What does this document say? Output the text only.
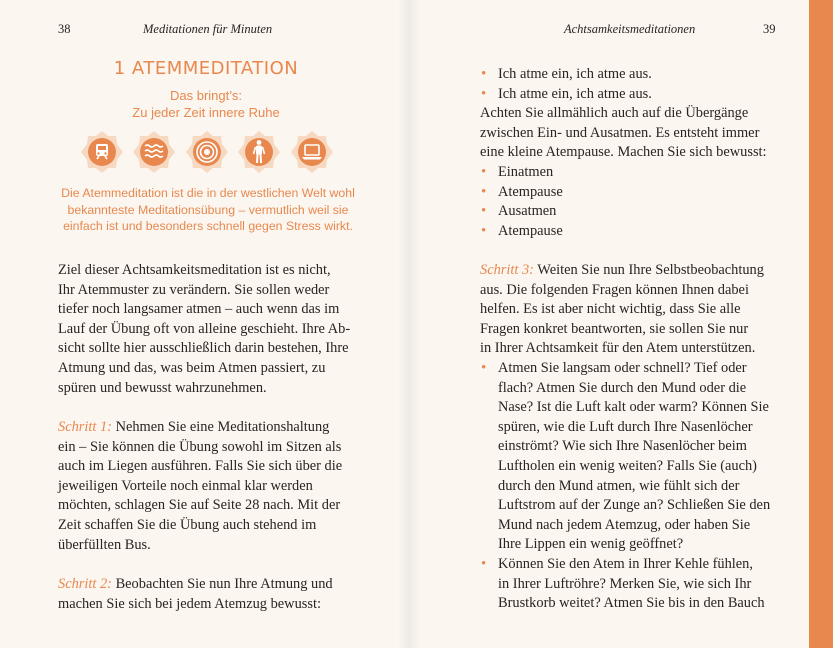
38	Meditationen für Minuten
1 ATEMMEDITATION
Das bringt’s:
Zu jeder Zeit innere Ruhe
Die Atemmeditation ist die in der westlichen Welt wohl
bekannteste Meditationsübung – vermutlich weil sie
einfach ist und besonders schnell gegen Stress wirkt.
Ziel dieser Achtsamkeitsmeditation ist es nicht,
Ihr Atemmuster zu verändern. Sie sollen weder
tiefer noch langsamer atmen – auch wenn das im
Lauf der Übung oft von alleine geschieht. Ihre Ab-
sicht sollte hier ausschließlich darin bestehen, Ihre
Atmung und das, was beim Atmen passiert, zu
spüren und bewusst wahrzunehmen.
Schritt 1: Nehmen Sie eine Meditationshaltung
ein – Sie können die Übung sowohl im Sitzen als
auch im Liegen ausführen. Falls Sie sich über die
jeweiligen Vorteile noch einmal klar werden
möchten, schlagen Sie auf Seite 28 nach. Mit der
Zeit schaffen Sie die Übung auch stehend im
überfüllten Bus.
Schritt 2: Beobachten Sie nun Ihre Atmung und
machen Sie sich bei jedem Atemzug bewusst:
Achtsamkeitsmeditationen	39
• Ich atme ein, ich atme aus.
• Ich atme ein, ich atme aus.
Achten Sie allmählich auch auf die Übergänge
zwischen Ein- und Ausatmen. Es entsteht immer
eine kleine Atempause. Machen Sie sich bewusst:
• Einatmen
• Atempause
• Ausatmen
• Atempause
Schritt 3: Weiten Sie nun Ihre Selbstbeobachtung
aus. Die folgenden Fragen können Ihnen dabei
helfen. Es ist aber nicht wichtig, dass Sie alle
Fragen konkret beantworten, sie sollen Sie nur
in Ihrer Achtsamkeit für den Atem unterstützen.
• Atmen Sie langsam oder schnell? Tief oder
flach? Atmen Sie durch den Mund oder die
Nase? Ist die Luft kalt oder warm? Können Sie
spüren, wie die Luft durch Ihre Nasenlöcher
einströmt? Wie sich Ihre Nasenlöcher beim
Luftholen ein wenig weiten? Falls Sie (auch)
durch den Mund atmen, wie fühlt sich der
Luftstrom auf der Zunge an? Schließen Sie den
Mund nach jedem Atemzug, oder haben Sie
Ihre Lippen ein wenig geöffnet?
• Können Sie den Atem in Ihrer Kehle fühlen,
in Ihrer Luftröhre? Merken Sie, wie sich Ihr
Brustkorb weitet? Atmen Sie bis in den Bauch
